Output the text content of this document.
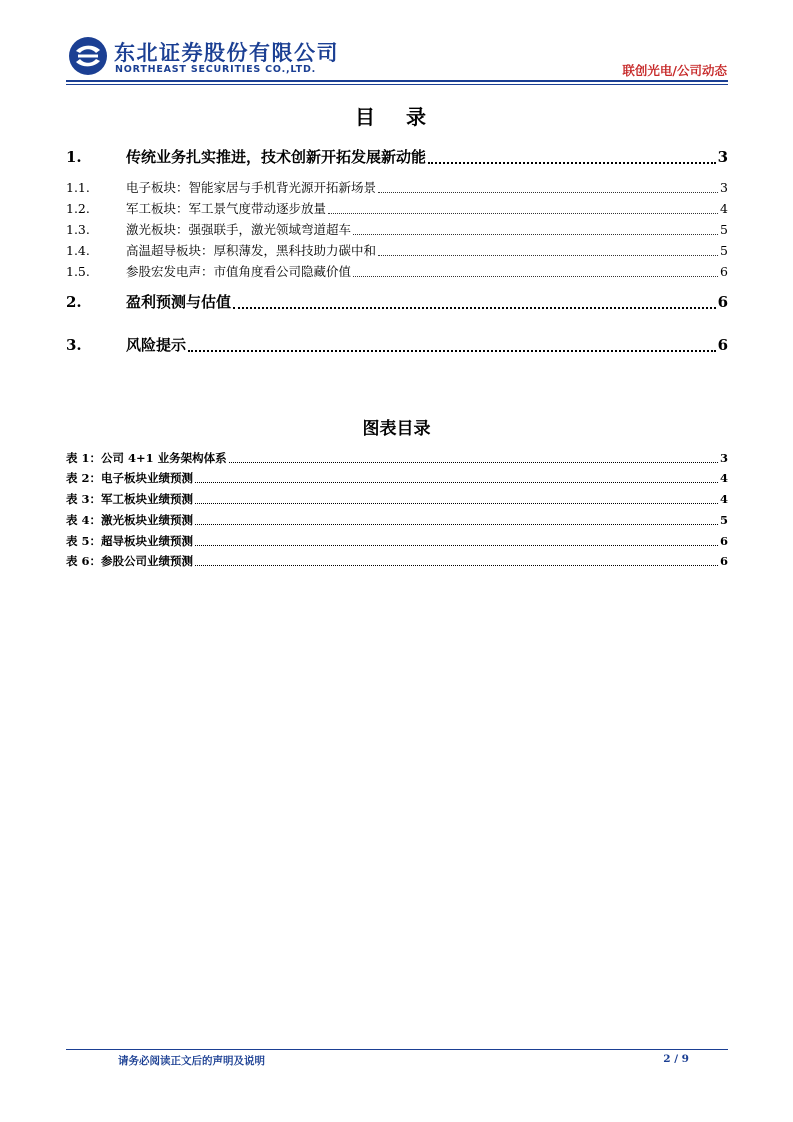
东北证券股份有限公司
NORTHEAST SECURITIES CO.,LTD.	联创光电/公司动态
目 录
1.	传统业务扎实推进，技术创新开拓发展新动能	3
1.1.	电子板块：智能家居与手机背光源开拓新场景	3
1.2.	军工板块：军工景气度带动逐步放量	4
1.3.	激光板块：强强联手，激光领域弯道超车	5
1.4.	高温超导板块：厚积薄发，黑科技助力碳中和	5
1.5.	参股宏发电声：市值角度看公司隐藏价值	6
2.	盈利预测与估值	6
3.	风险提示	6
图表目录
表 1：公司 4+1 业务架构体系	3
表 2：电子板块业绩预测	4
表 3：军工板块业绩预测	4
表 4：激光板块业绩预测	5
表 5：超导板块业绩预测	6
表 6：参股公司业绩预测	6
请务必阅读正文后的声明及说明	2 / 9
